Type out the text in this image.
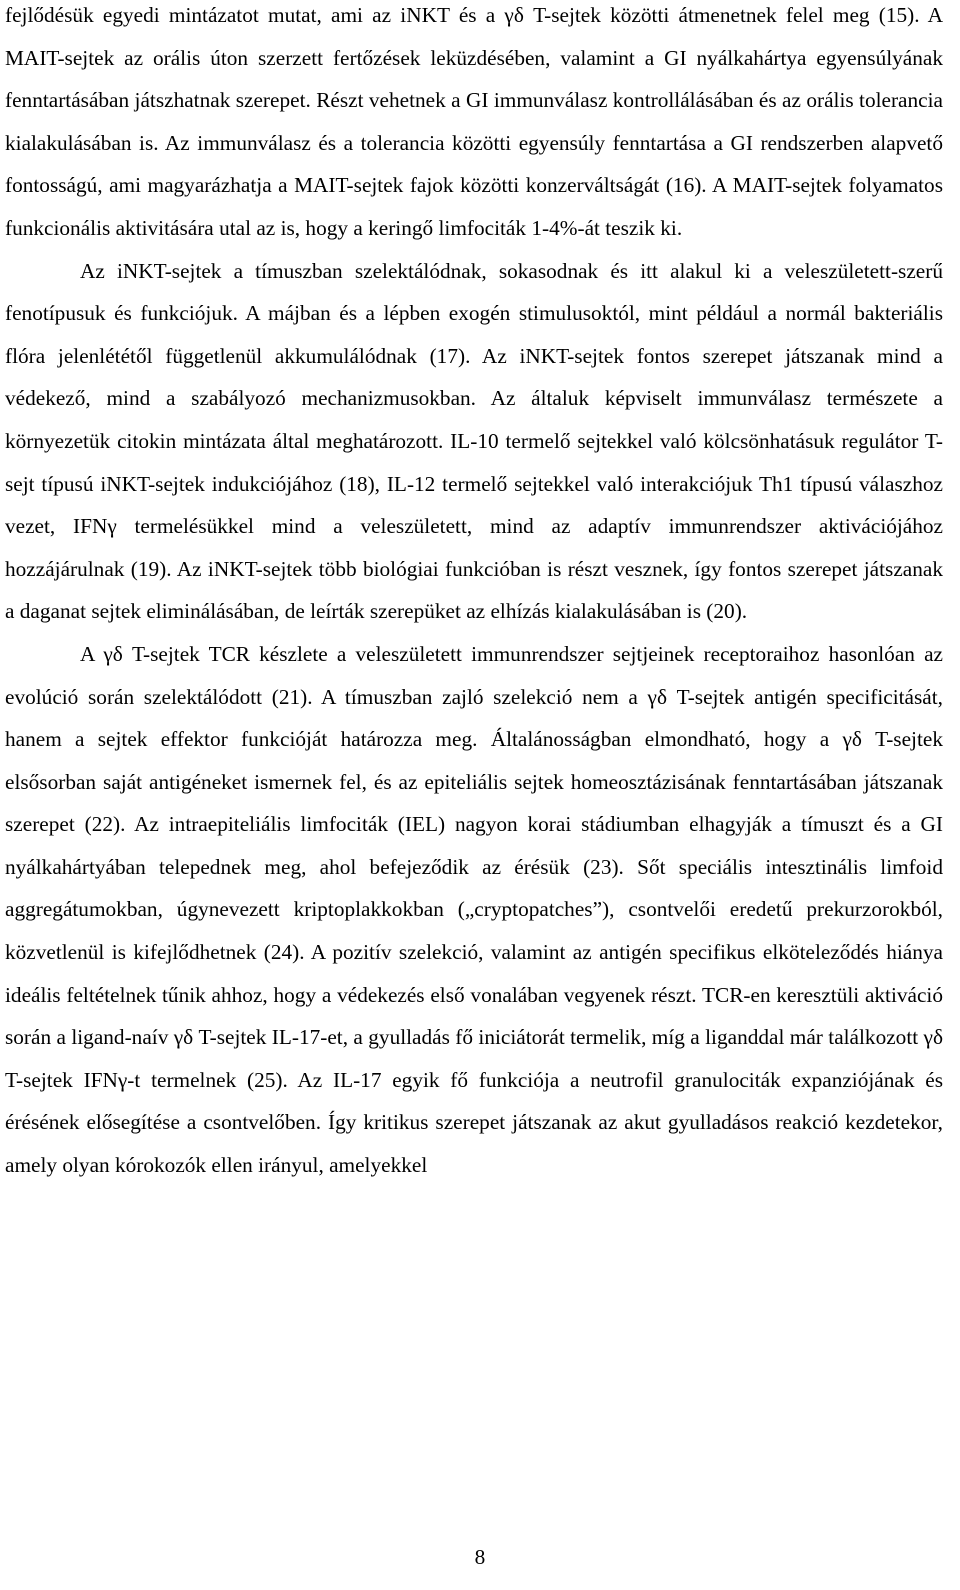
fejlődésük egyedi mintázatot mutat, ami az iNKT és a γδ T-sejtek közötti átmenetnek felel meg (15). A MAIT-sejtek az orális úton szerzett fertőzések leküzdésében, valamint a GI nyálkahártya egyensúlyának fenntartásában játszhatnak szerepet. Részt vehetnek a GI immunválasz kontrollálásában és az orális tolerancia kialakulásában is. Az immunválasz és a tolerancia közötti egyensúly fenntartása a GI rendszerben alapvető fontosságú, ami magyarázhatja a MAIT-sejtek fajok közötti konzerváltságát (16). A MAIT-sejtek folyamatos funkcionális aktivitására utal az is, hogy a keringő limfociták 1-4%-át teszik ki.

Az iNKT-sejtek a tímuszban szelektálódnak, sokasodnak és itt alakul ki a veleszületett-szerű fenotípusuk és funkciójuk. A májban és a lépben exogén stimulusoktól, mint például a normál bakteriális flóra jelenlététől függetlenül akkumulálódnak (17). Az iNKT-sejtek fontos szerepet játszanak mind a védekező, mind a szabályozó mechanizmusokban. Az általuk képviselt immunválasz természete a környezetük citokin mintázata által meghatározott. IL-10 termelő sejtekkel való kölcsönhatásuk regulátor T-sejt típusú iNKT-sejtek indukciójához (18), IL-12 termelő sejtekkel való interakciójuk Th1 típusú válaszhoz vezet, IFNγ termelésükkel mind a veleszületett, mind az adaptív immunrendszer aktivációjához hozzájárulnak (19). Az iNKT-sejtek több biológiai funkcióban is részt vesznek, így fontos szerepet játszanak a daganat sejtek eliminálásában, de leírták szerepüket az elhízás kialakulásában is (20).

A γδ T-sejtek TCR készlete a veleszületett immunrendszer sejtjeinek receptoraihoz hasonlóan az evolúció során szelektálódott (21). A tímuszban zajló szelekció nem a γδ T-sejtek antigén specificitását, hanem a sejtek effektor funkcióját határozza meg. Általánosságban elmondható, hogy a γδ T-sejtek elsősorban saját antigéneket ismernek fel, és az epiteliális sejtek homeosztázisának fenntartásában játszanak szerepet (22). Az intraepiteliális limfociták (IEL) nagyon korai stádiumban elhagyják a tímuszt és a GI nyálkahártyában telepednek meg, ahol befejeződik az érésük (23). Sőt speciális intesztinális limfoid aggregátumokban, úgynevezett kriptoplakkokban („cryptopatches”), csontvelői eredetű prekurzorokból, közvetlenül is kifejlődhetnek (24). A pozitív szelekció, valamint az antigén specifikus elköteleződés hiánya ideális feltételnek tűnik ahhoz, hogy a védekezés első vonalában vegyenek részt. TCR-en keresztüli aktiváció során a ligand-naív γδ T-sejtek IL-17-et, a gyulladás fő iniciátorát termelik, míg a liganddal már találkozott γδ T-sejtek IFNγ-t termelnek (25). Az IL-17 egyik fő funkciója a neutrofil granulociták expanziójának és érésének elősegítése a csontvelőben. Így kritikus szerepet játszanak az akut gyulladásos reakció kezdetekor, amely olyan kórokozók ellen irányul, amelyekkel

8
